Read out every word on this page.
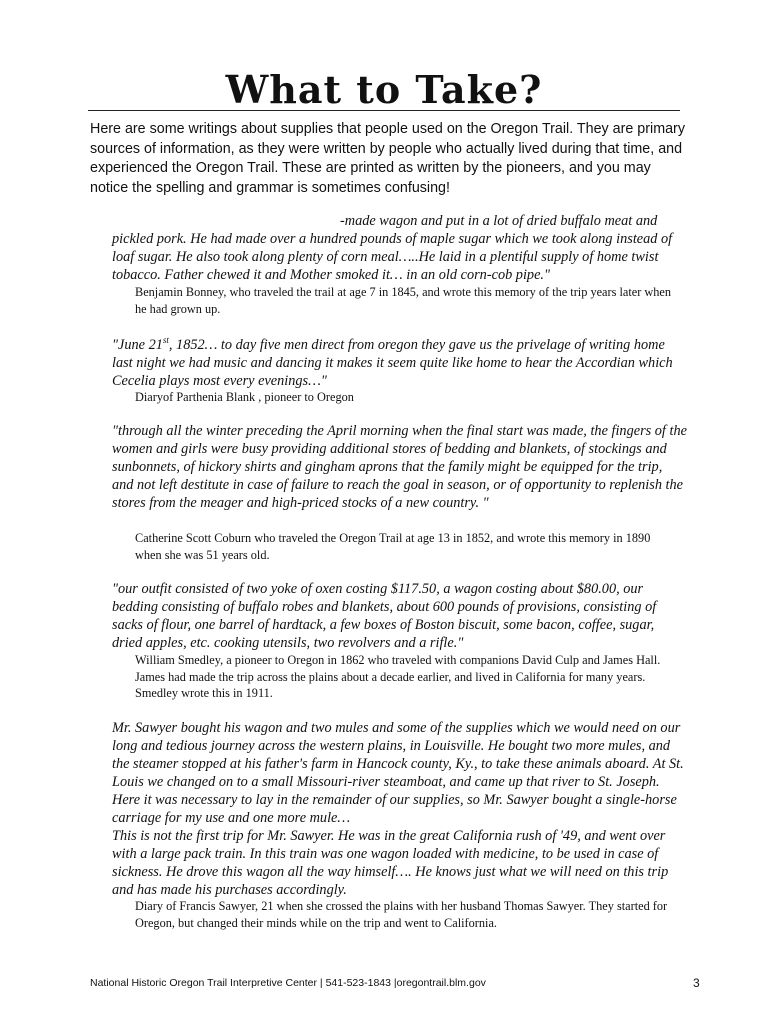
What to Take?
Here are some writings about supplies that people used on the Oregon Trail. They are primary sources of information, as they were written by people who actually lived during that time, and experienced the Oregon Trail. These are printed as written by the pioneers, and you may notice the spelling and grammar is sometimes confusing!
-made wagon and put in a lot of dried buffalo meat and
pickled pork. He had made over a hundred pounds of maple sugar which we took along instead of loaf sugar. He also took along plenty of corn meal…..He laid in a plentiful supply of home twist tobacco. Father chewed it and Mother smoked it… in an old corn-cob pipe."
Benjamin Bonney, who traveled the trail at age 7 in 1845, and wrote this memory of the trip years later when he had grown up.
"June 21st, 1852… to day five men direct from oregon they gave us the privelage of writing home last night we had music and dancing it makes it seem quite like home to hear the Accordian which Cecelia plays most every evenings…"
Diaryof Parthenia Blank , pioneer to Oregon
"through all the winter preceding the April morning when the final start was made, the fingers of the women and girls were busy providing additional stores of bedding and blankets, of stockings and sunbonnets, of hickory shirts and gingham aprons that the family might be equipped for the trip, and not left destitute in case of failure to reach the goal in season, or of opportunity to replenish the stores from the meager and high-priced stocks of a new country. "
Catherine Scott Coburn who traveled the Oregon Trail at age 13 in 1852, and wrote this memory in 1890 when she was 51 years old.
"our outfit consisted of two yoke of oxen costing $117.50, a wagon costing about $80.00, our bedding consisting of buffalo robes and blankets, about 600 pounds of provisions, consisting of sacks of flour, one barrel of hardtack, a few boxes of Boston biscuit, some bacon, coffee, sugar, dried apples, etc. cooking utensils, two revolvers and a rifle."
William Smedley, a pioneer to Oregon in 1862 who traveled with companions David Culp and James Hall. James had made the trip across the plains about a decade earlier, and lived in California for many years. Smedley wrote this in 1911.
Mr. Sawyer bought his wagon and two mules and some of the supplies which we would need on our long and tedious journey across the western plains, in Louisville. He bought two more mules, and the steamer stopped at his father's farm in Hancock county, Ky., to take these animals aboard. At St. Louis we changed on to a small Missouri-river steamboat, and came up that river to St. Joseph. Here it was necessary to lay in the remainder of our supplies, so Mr. Sawyer bought a single-horse carriage for my use and one more mule…
This is not the first trip for Mr. Sawyer. He was in the great California rush of '49, and went over with a large pack train. In this train was one wagon loaded with medicine, to be used in case of sickness. He drove this wagon all the way himself…. He knows just what we will need on this trip and has made his purchases accordingly.
Diary of Francis Sawyer, 21 when she crossed the plains with her husband Thomas Sawyer. They started for Oregon, but changed their minds while on the trip and went to California.
National Historic Oregon Trail Interpretive Center | 541-523-1843 |oregontrail.blm.gov	3
